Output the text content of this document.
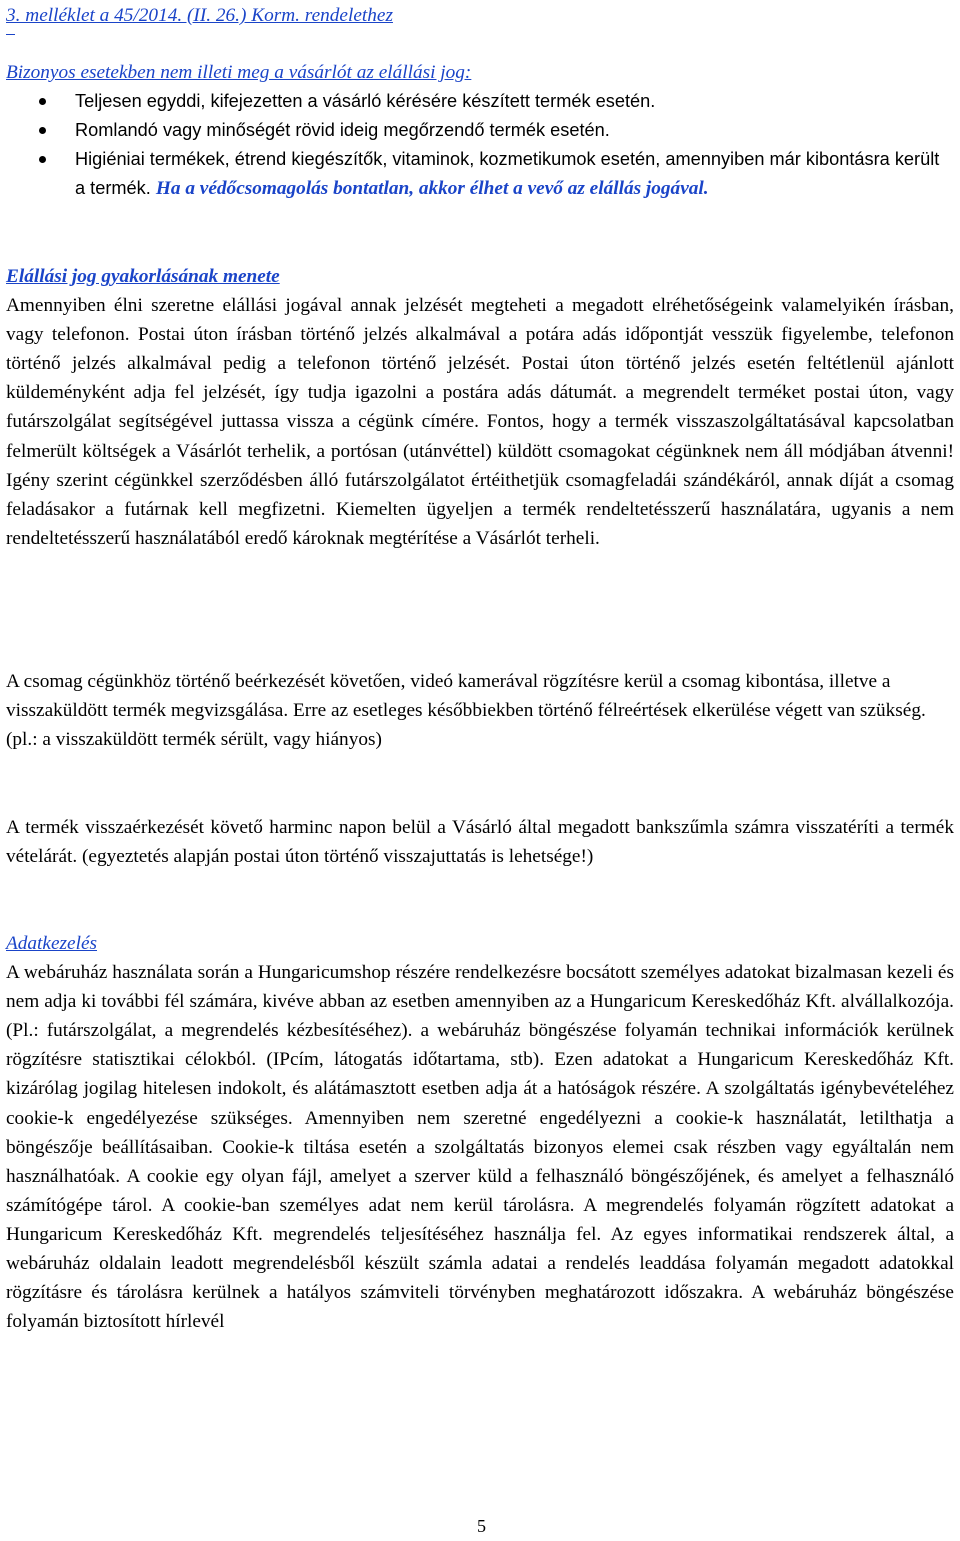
3. melléklet a 45/2014. (II. 26.) Korm. rendelethez
Bizonyos esetekben nem illeti meg a vásárlót az elállási jog:
Teljesen egyddi, kifejezetten a vásárló kérésére készített termék esetén.
Romlandó vagy minőségét rövid ideig megőrzendő termék esetén.
Higiéniai termékek, étrend kiegészítők, vitaminok, kozmetikumok esetén, amennyiben már kibontásra került a termék. Ha a védőcsomagolás bontatlan, akkor élhet a vevő az elállás jogával.
Elállási jog gyakorlásának menete
Amennyiben élni szeretne elállási jogával annak jelzését megteheti a megadott elréhetőségeink valamelyikén írásban, vagy telefonon. Postai úton írásban történő jelzés alkalmával a potára adás időpontját vesszük figyelembe, telefonon történő jelzés alkalmával pedig a telefonon történő jelzését. Postai úton történő jelzés esetén feltétlenül ajánlott küldeményként adja fel jelzését, így tudja igazolni a postára adás dátumát. a megrendelt terméket postai úton, vagy futárszolgálat segítségével juttassa vissza a cégünk címére. Fontos, hogy a termék visszaszolgáltatásával kapcsolatban felmerült költségek a Vásárlót terhelik, a portósan (utánvéttel) küldött csomagokat cégünknek nem áll módjában átvenni! Igény szerint cégünkkel szerződésben álló futárszolgálatot értéithetjük csomagfeladái szándékáról, annak díját a csomag feladásakor a futárnak kell megfizetni. Kiemelten ügyeljen a termék rendeltetésszerű használatára, ugyanis a nem rendeltetésszerű használatából eredő károknak megtérítése a Vásárlót terheli.
A csomag cégünkhöz történő beérkezését követően, videó kamerával rögzítésre kerül a csomag kibontása, illetve a visszaküldött termék megvizsgálása. Erre az esetleges későbbiekben történő félreértések elkerülése végett van szükség. (pl.: a visszaküldött termék sérült, vagy hiányos)
A termék visszaérkezését követő harminc napon belül a Vásárló által megadott bankszűmla számra visszatéríti a termék vételárát. (egyeztetés alapján postai úton történő visszajuttatás is lehetsége!)
Adatkezelés
A webáruház használata során a Hungaricumshop részére rendelkezésre bocsátott személyes adatokat bizalmasan kezeli és nem adja ki további fél számára, kivéve abban az esetben amennyiben az a Hungaricum Kereskedőház Kft. alvállalkozója. (Pl.: futárszolgálat, a megrendelés kézbesítéséhez). a webáruház böngészése folyamán technikai információk kerülnek rögzítésre statisztikai célokból. (IPcím, látogatás időtartama, stb). Ezen adatokat a Hungaricum Kereskedőház Kft. kizárólag jogilag hitelesen indokolt, és alátámasztott esetben adja át a hatóságok részére. A szolgáltatás igénybevételéhez cookie-k engedélyezése szükséges. Amennyiben nem szeretné engedélyezni a cookie-k használatát, letilthatja a böngészője beállításaiban. Cookie-k tiltása esetén a szolgáltatás bizonyos elemei csak részben vagy egyáltalán nem használhatóak. A cookie egy olyan fájl, amelyet a szerver küld a felhasználó böngészőjének, és amelyet a felhasználó számítógépe tárol. A cookie-ban személyes adat nem kerül tárolásra. A megrendelés folyamán rögzített adatokat a Hungaricum Kereskedőház Kft. megrendelés teljesítéséhez használja fel. Az egyes informatikai rendszerek által, a webáruház oldalain leadott megrendelésből készült számla adatai a rendelés leaddása folyamán megadott adatokkal rögzításre és tárolásra kerülnek a hatályos számviteli törvényben meghatározott időszakra. A webáruház böngészése folyamán biztosított hírlevél
5
